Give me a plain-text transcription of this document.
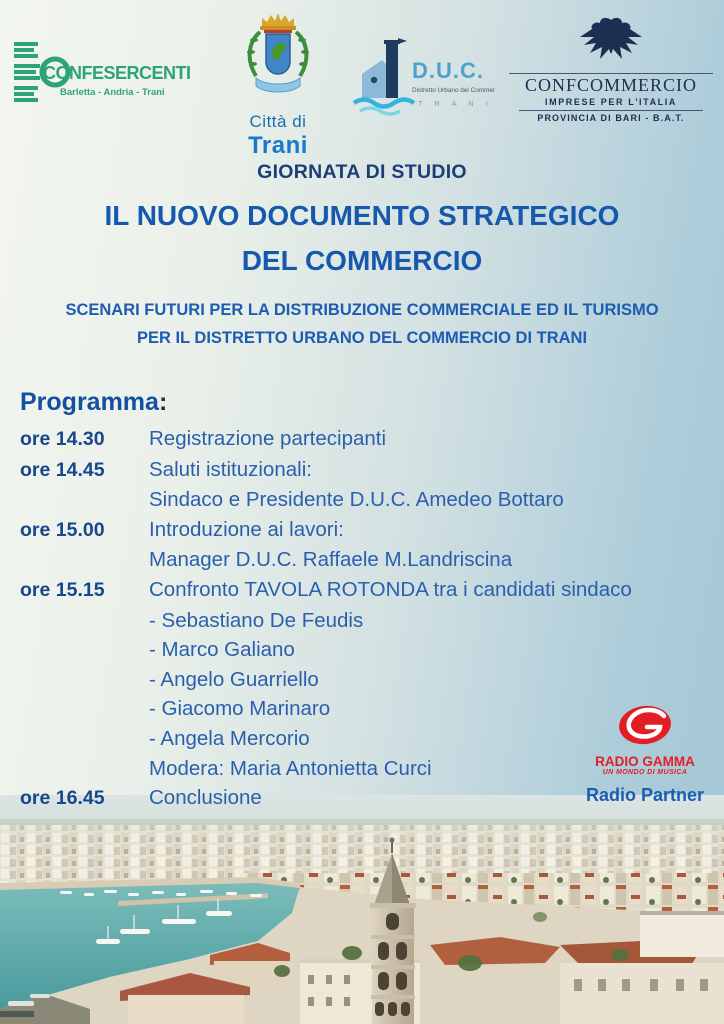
CONFESERCENTI
Barletta - Andria - Trani
Città di
Trani
D.U.C.
Distretto Urbano del Commercio
T R A N I
CONFCOMMERCIO
IMPRESE PER L'ITALIA
PROVINCIA DI BARI - B.A.T.
GIORNATA DI STUDIO
IL NUOVO DOCUMENTO STRATEGICO
DEL COMMERCIO
SCENARI FUTURI PER LA DISTRIBUZIONE COMMERCIALE ED IL TURISMO
PER IL DISTRETTO URBANO DEL COMMERCIO DI TRANI
Programma:
ore 14.30	Registrazione partecipanti
ore 14.45	Saluti istituzionali:
Sindaco e Presidente D.U.C. Amedeo Bottaro
ore 15.00	Introduzione ai lavori:
Manager D.U.C. Raffaele M.Landriscina
ore 15.15	Confronto TAVOLA ROTONDA tra i candidati sindaco
- Sebastiano De Feudis
- Marco Galiano
- Angelo Guarriello
- Giacomo Marinaro
- Angela Mercorio
Modera: Maria Antonietta Curci
ore 16.45	Conclusione
RADIO GAMMA
UN MONDO DI MUSICA
Radio Partner
